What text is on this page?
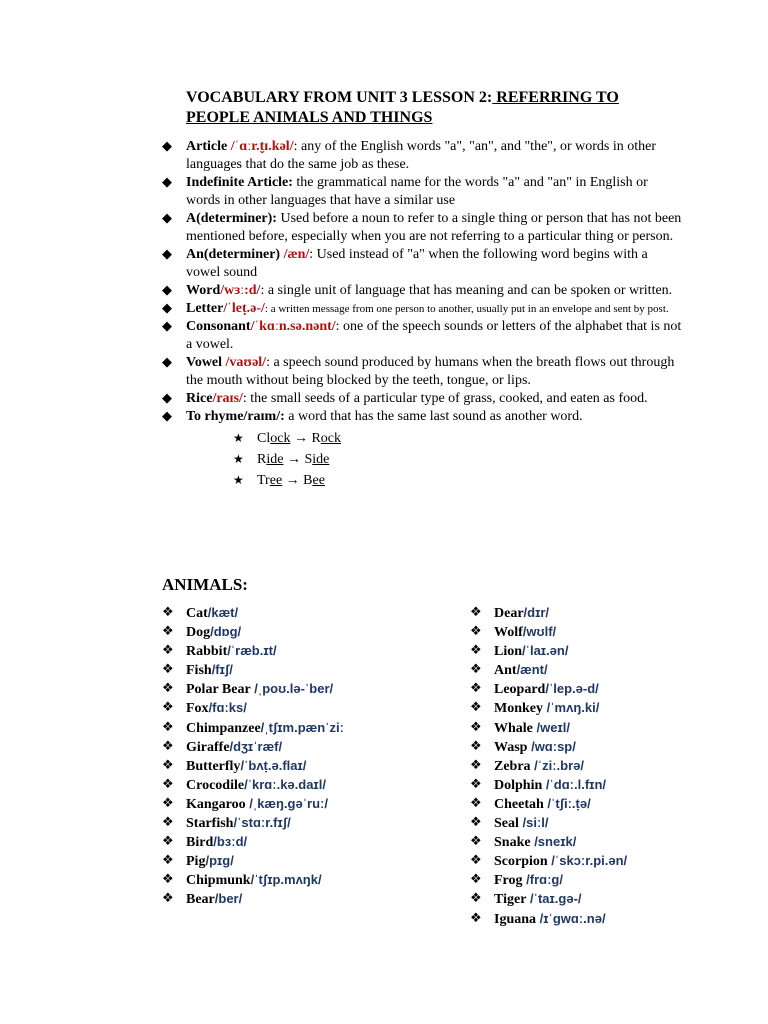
VOCABULARY FROM UNIT 3 LESSON 2: REFERRING TO PEOPLE ANIMALS AND THINGS
◆ Article /ˈɑːr.t̬ɪ.kəl/: any of the English words "a", "an", and "the", or words in other languages that do the same job as these.
◆ Indefinite Article: the grammatical name for the words "a" and "an" in English or words in other languages that have a similar use
◆ A(determiner): Used before a noun to refer to a single thing or person that has not been mentioned before, especially when you are not referring to a particular thing or person.
◆ An(determiner) /æn/: Used instead of "a" when the following word begins with a vowel sound
◆ Word/wɜː:d/: a single unit of language that has meaning and can be spoken or written.
◆ Letter/ˈleṭ.ə-/: a written message from one person to another, usually put in an envelope and sent by post.
◆ Consonant/ˈkɑːn.sə.nənt/: one of the speech sounds or letters of the alphabet that is not a vowel.
◆ Vowel /vaʊəl/: a speech sound produced by humans when the breath flows out through the mouth without being blocked by the teeth, tongue, or lips.
◆ Rice/raɪs/: the small seeds of a particular type of grass, cooked, and eaten as food.
◆ To rhyme/raɪm/: a word that has the same last sound as another word.
★ Clock → Rock
★ Ride → Side
★ Tree → Bee
ANIMALS:
❖ Cat/kæt/
❖ Dog/dɒg/
❖ Rabbit/ˈræb.ɪt/
❖ Fish/fɪʃ/
❖ Polar Bear /ˌpoʊ.lə-ˈber/
❖ Fox/fɑːks/
❖ Chimpanzee/ˌtʃɪm.pænˈziː
❖ Giraffe/dʒɪˈræf/
❖ Butterfly/ˈbʌṭ.ə.flaɪ/
❖ Crocodile/ˈkrɑː.kə.daɪl/
❖ Kangaroo /ˌkæŋ.gəˈruː/
❖ Starfish/ˈstɑːr.fɪʃ/
❖ Bird/bɜːd/
❖ Pig/pɪg/
❖ Chipmunk/ˈtʃɪp.mʌŋk/
❖ Bear/ber/
❖ Dear/dɪr/
❖ Wolf/wʊlf/
❖ Lion/ˈlaɪ.ən/
❖ Ant/ænt/
❖ Leopard/ˈlep.ə-d/
❖ Monkey /ˈmʌŋ.ki/
❖ Whale /weɪl/
❖ Wasp /wɑːsp/
❖ Zebra /ˈziː.brə/
❖ Dolphin /ˈdɑː.l.fɪn/
❖ Cheetah /ˈtʃiː.ṭə/
❖ Seal /siːl/
❖ Snake /sneɪk/
❖ Scorpion /ˈskɔːr.pi.ən/
❖ Frog /frɑːg/
❖ Tiger /ˈtaɪ.gə-/
❖ Iguana /ɪˈgwɑː.nə/
